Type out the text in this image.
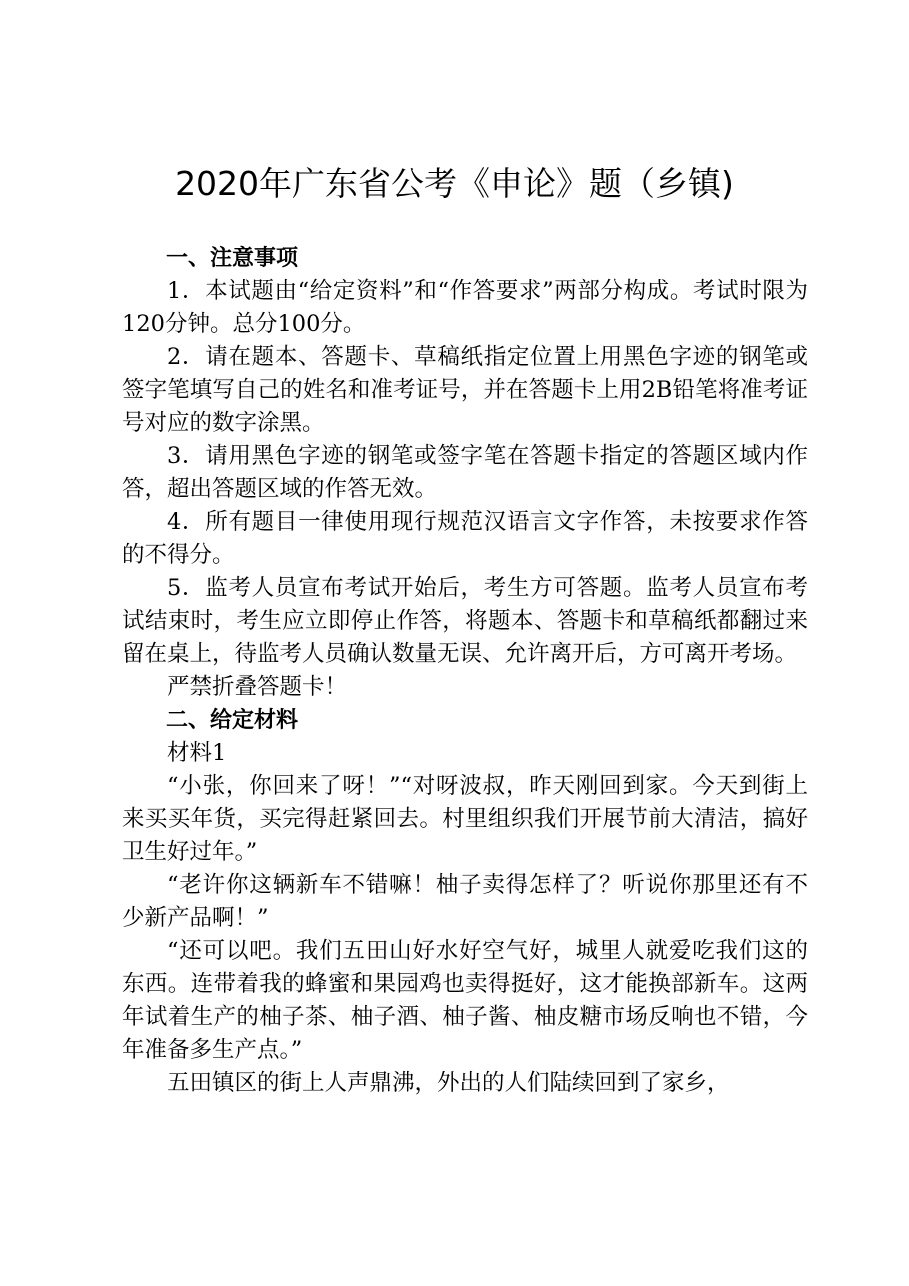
2020年广东省公考《申论》题（乡镇)

一、注意事项

1．本试题由“给定资料”和“作答要求”两部分构成。考试时限为120分钟。总分100分。

2．请在题本、答题卡、草稿纸指定位置上用黑色字迹的钢笔或签字笔填写自己的姓名和准考证号，并在答题卡上用2B铅笔将准考证号对应的数字涂黑。

3．请用黑色字迹的钢笔或签字笔在答题卡指定的答题区域内作答，超出答题区域的作答无效。

4．所有题目一律使用现行规范汉语言文字作答，未按要求作答的不得分。

5．监考人员宣布考试开始后，考生方可答题。监考人员宣布考试结束时，考生应立即停止作答，将题本、答题卡和草稿纸都翻过来留在桌上，待监考人员确认数量无误、允许离开后，方可离开考场。

严禁折叠答题卡！

二、给定材料

材料1

“小张，你回来了呀！”“对呀波叔，昨天刚回到家。今天到街上来买买年货，买完得赶紧回去。村里组织我们开展节前大清洁，搞好卫生好过年。”

“老许你这辆新车不错嘛！柚子卖得怎样了？听说你那里还有不少新产品啊！”

“还可以吧。我们五田山好水好空气好，城里人就爱吃我们这的东西。连带着我的蜂蜜和果园鸡也卖得挺好，这才能换部新车。这两年试着生产的柚子茶、柚子酒、柚子酱、柚皮糖市场反响也不错，今年准备多生产点。”

五田镇区的街上人声鼎沸，外出的人们陆续回到了家乡，
